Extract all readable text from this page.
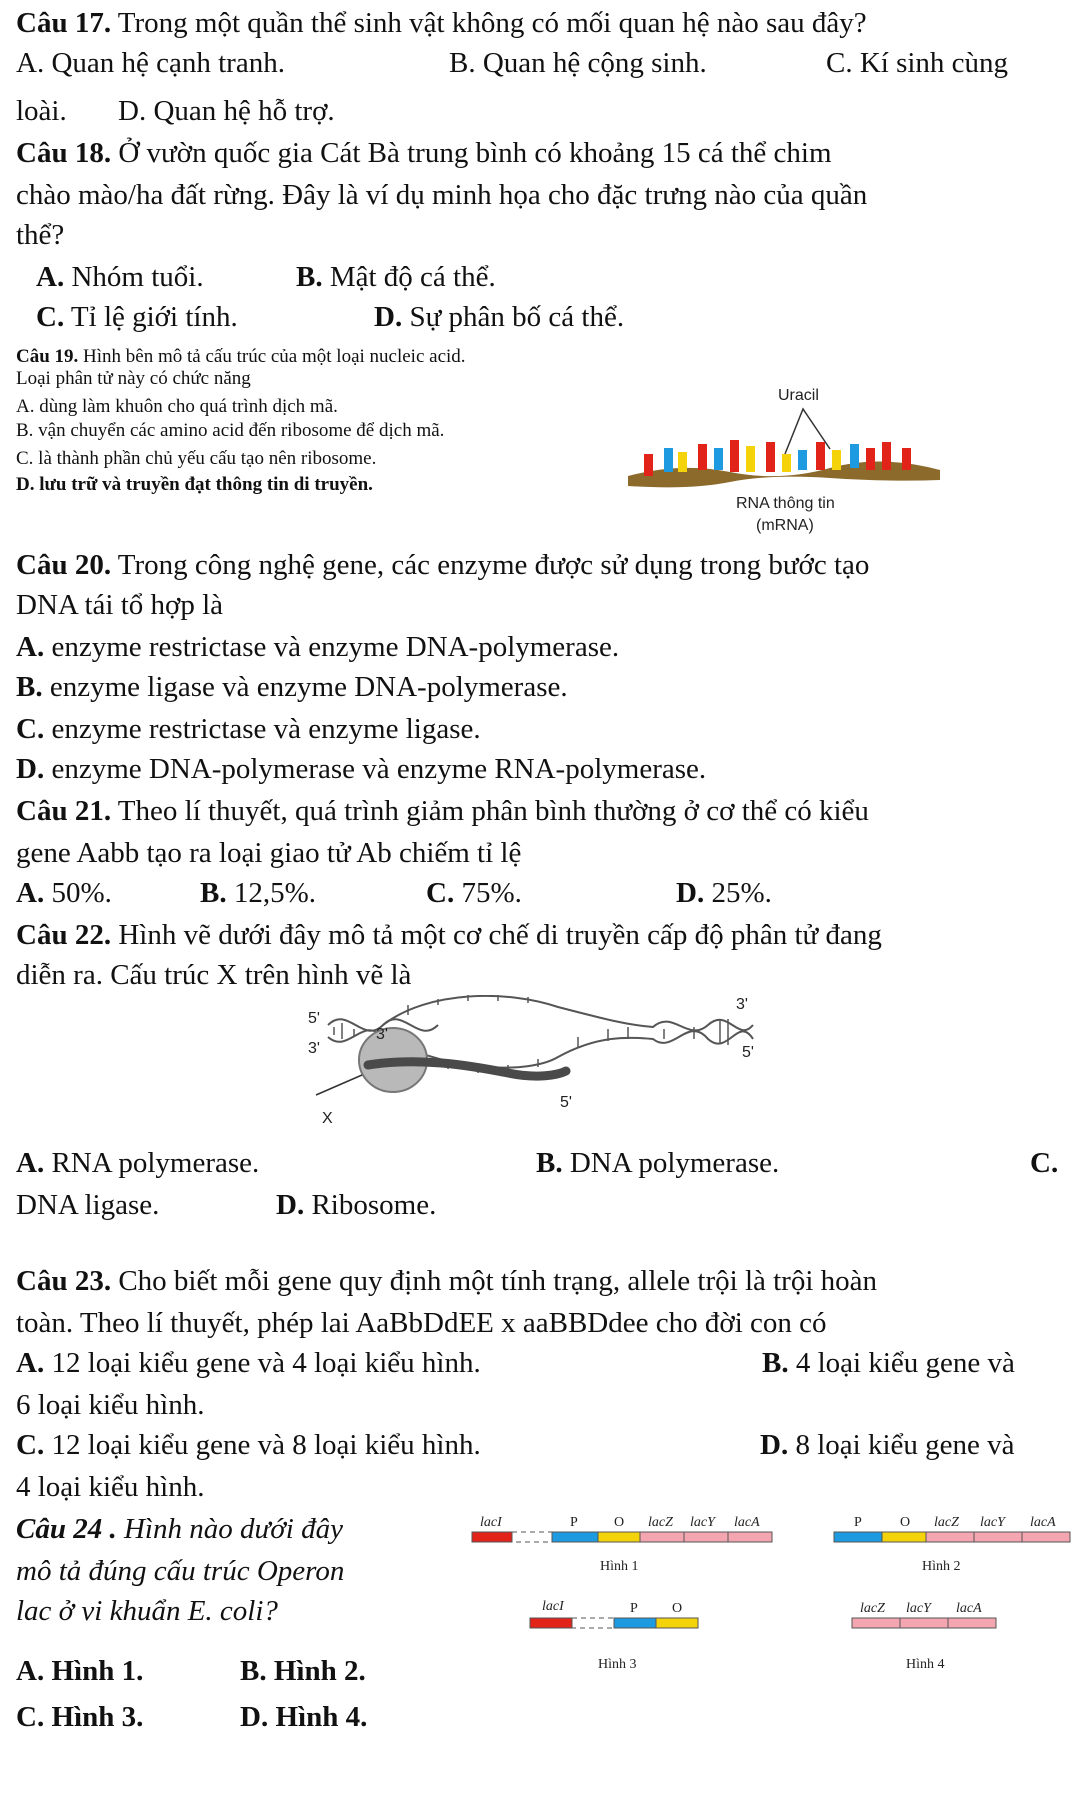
Câu 17. Trong một quần thể sinh vật không có mối quan hệ nào sau đây?
A. Quan hệ cạnh tranh.	B. Quan hệ cộng sinh.	C. Kí sinh cùng
loài. D. Quan hệ hỗ trợ.
Câu 18. Ở vườn quốc gia Cát Bà trung bình có khoảng 15 cá thể chim
chào mào/ha đất rừng. Đây là ví dụ minh họa cho đặc trưng nào của quần
thể?
A. Nhóm tuổi.	B. Mật độ cá thể.
C. Tỉ lệ giới tính.	D. Sự phân bố cá thể.
Câu 19. Hình bên mô tả cấu trúc của một loại nucleic acid.
Loại phân tử này có chức năng
A. dùng làm khuôn cho quá trình dịch mã.
B. vận chuyển các amino acid đến ribosome để dịch mã.
C. là thành phần chủ yếu cấu tạo nên ribosome.
D. lưu trữ và truyền đạt thông tin di truyền.
Uracil
RNA thông tin
(mRNA)
Câu 20. Trong công nghệ gene, các enzyme được sử dụng trong bước tạo
DNA tái tổ hợp là
A. enzyme restrictase và enzyme DNA-polymerase.
B. enzyme ligase và enzyme DNA-polymerase.
C. enzyme restrictase và enzyme ligase.
D. enzyme DNA-polymerase và enzyme RNA-polymerase.
Câu 21. Theo lí thuyết, quá trình giảm phân bình thường ở cơ thể có kiểu
gene Aabb tạo ra loại giao tử Ab chiếm tỉ lệ
A. 50%.	B. 12,5%.	C. 75%.	D. 25%.
Câu 22. Hình vẽ dưới đây mô tả một cơ chế di truyền cấp độ phân tử đang
diễn ra. Cấu trúc X trên hình vẽ là
5'
3'
3'
3'
5'
5'
X
A. RNA polymerase.	B. DNA polymerase.	C.
DNA ligase.	D. Ribosome.
Câu 23. Cho biết mỗi gene quy định một tính trạng, allele trội là trội hoàn
toàn. Theo lí thuyết, phép lai AaBbDdEE x aaBBDdee cho đời con có
A. 12 loại kiểu gene và 4 loại kiểu hình.	B. 4 loại kiểu gene và
6 loại kiểu hình.
C. 12 loại kiểu gene và 8 loại kiểu hình.	D. 8 loại kiểu gene và
4 loại kiểu hình.
Câu 24 . Hình nào dưới đây
mô tả đúng cấu trúc Operon
lac ở vi khuẩn E. coli?
A. Hình 1.	B. Hình 2.
C. Hình 3.	D. Hình 4.
lacI	P	O lacZ lacY lacA
Hình 1
P	O lacZ lacY lacA
Hình 2
lacI	P O
Hình 3
lacZ lacY lacA
Hình 4
